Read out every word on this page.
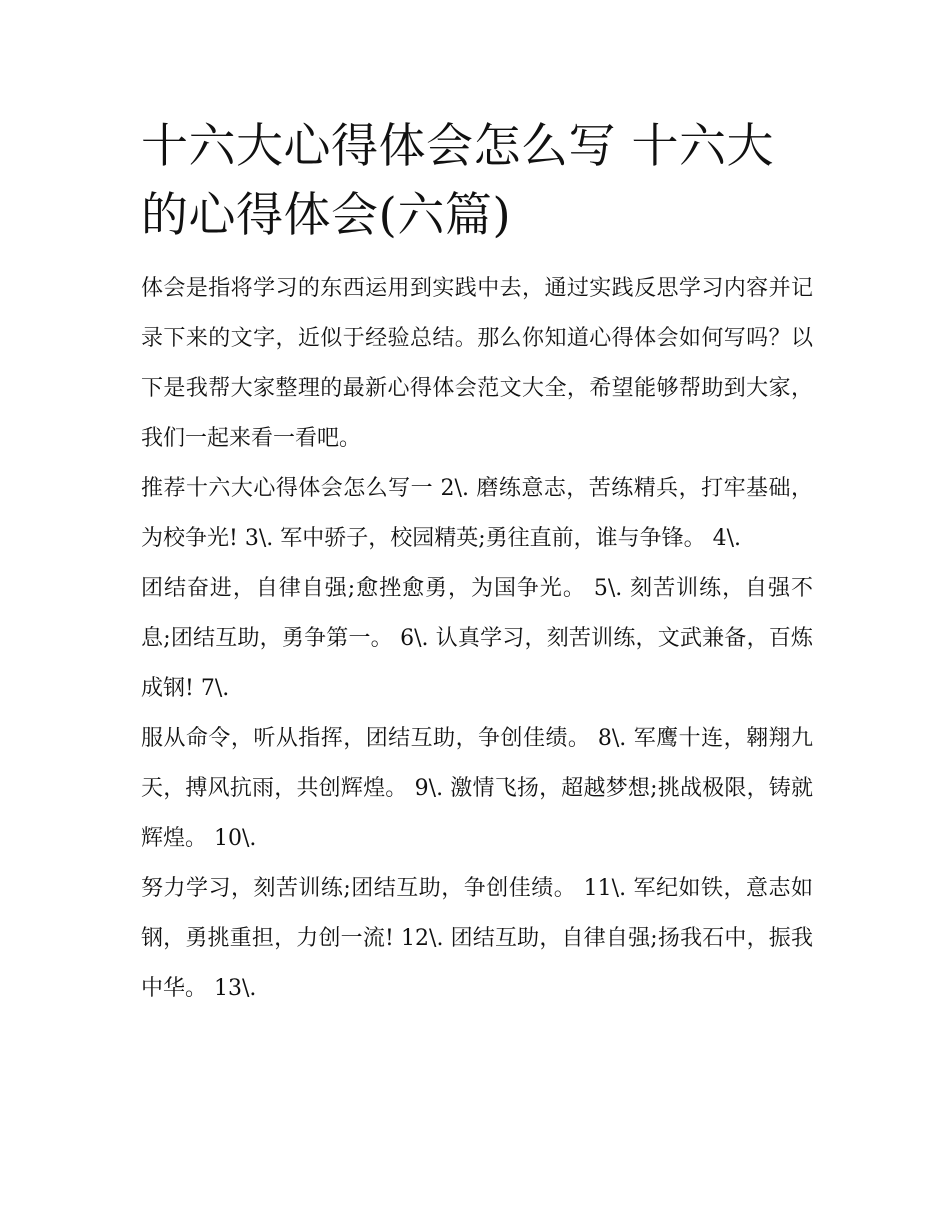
十六大心得体会怎么写 十六大的心得体会(六篇)

体会是指将学习的东西运用到实践中去，通过实践反思学习内容并记录下来的文字，近似于经验总结。那么你知道心得体会如何写吗？以下是我帮大家整理的最新心得体会范文大全，希望能够帮助到大家，我们一起来看一看吧。

推荐十六大心得体会怎么写一 2\. 磨练意志，苦练精兵，打牢基础，为校争光! 3\. 军中骄子，校园精英;勇往直前，谁与争锋。 4\.

团结奋进，自律自强;愈挫愈勇，为国争光。 5\. 刻苦训练，自强不息;团结互助，勇争第一。 6\. 认真学习，刻苦训练，文武兼备，百炼成钢! 7\.

服从命令，听从指挥，团结互助，争创佳绩。 8\. 军鹰十连，翱翔九天，搏风抗雨，共创辉煌。 9\. 激情飞扬，超越梦想;挑战极限，铸就辉煌。 10\.

努力学习，刻苦训练;团结互助，争创佳绩。 11\. 军纪如铁，意志如钢，勇挑重担，力创一流! 12\. 团结互助，自律自强;扬我石中，振我中华。 13\.
